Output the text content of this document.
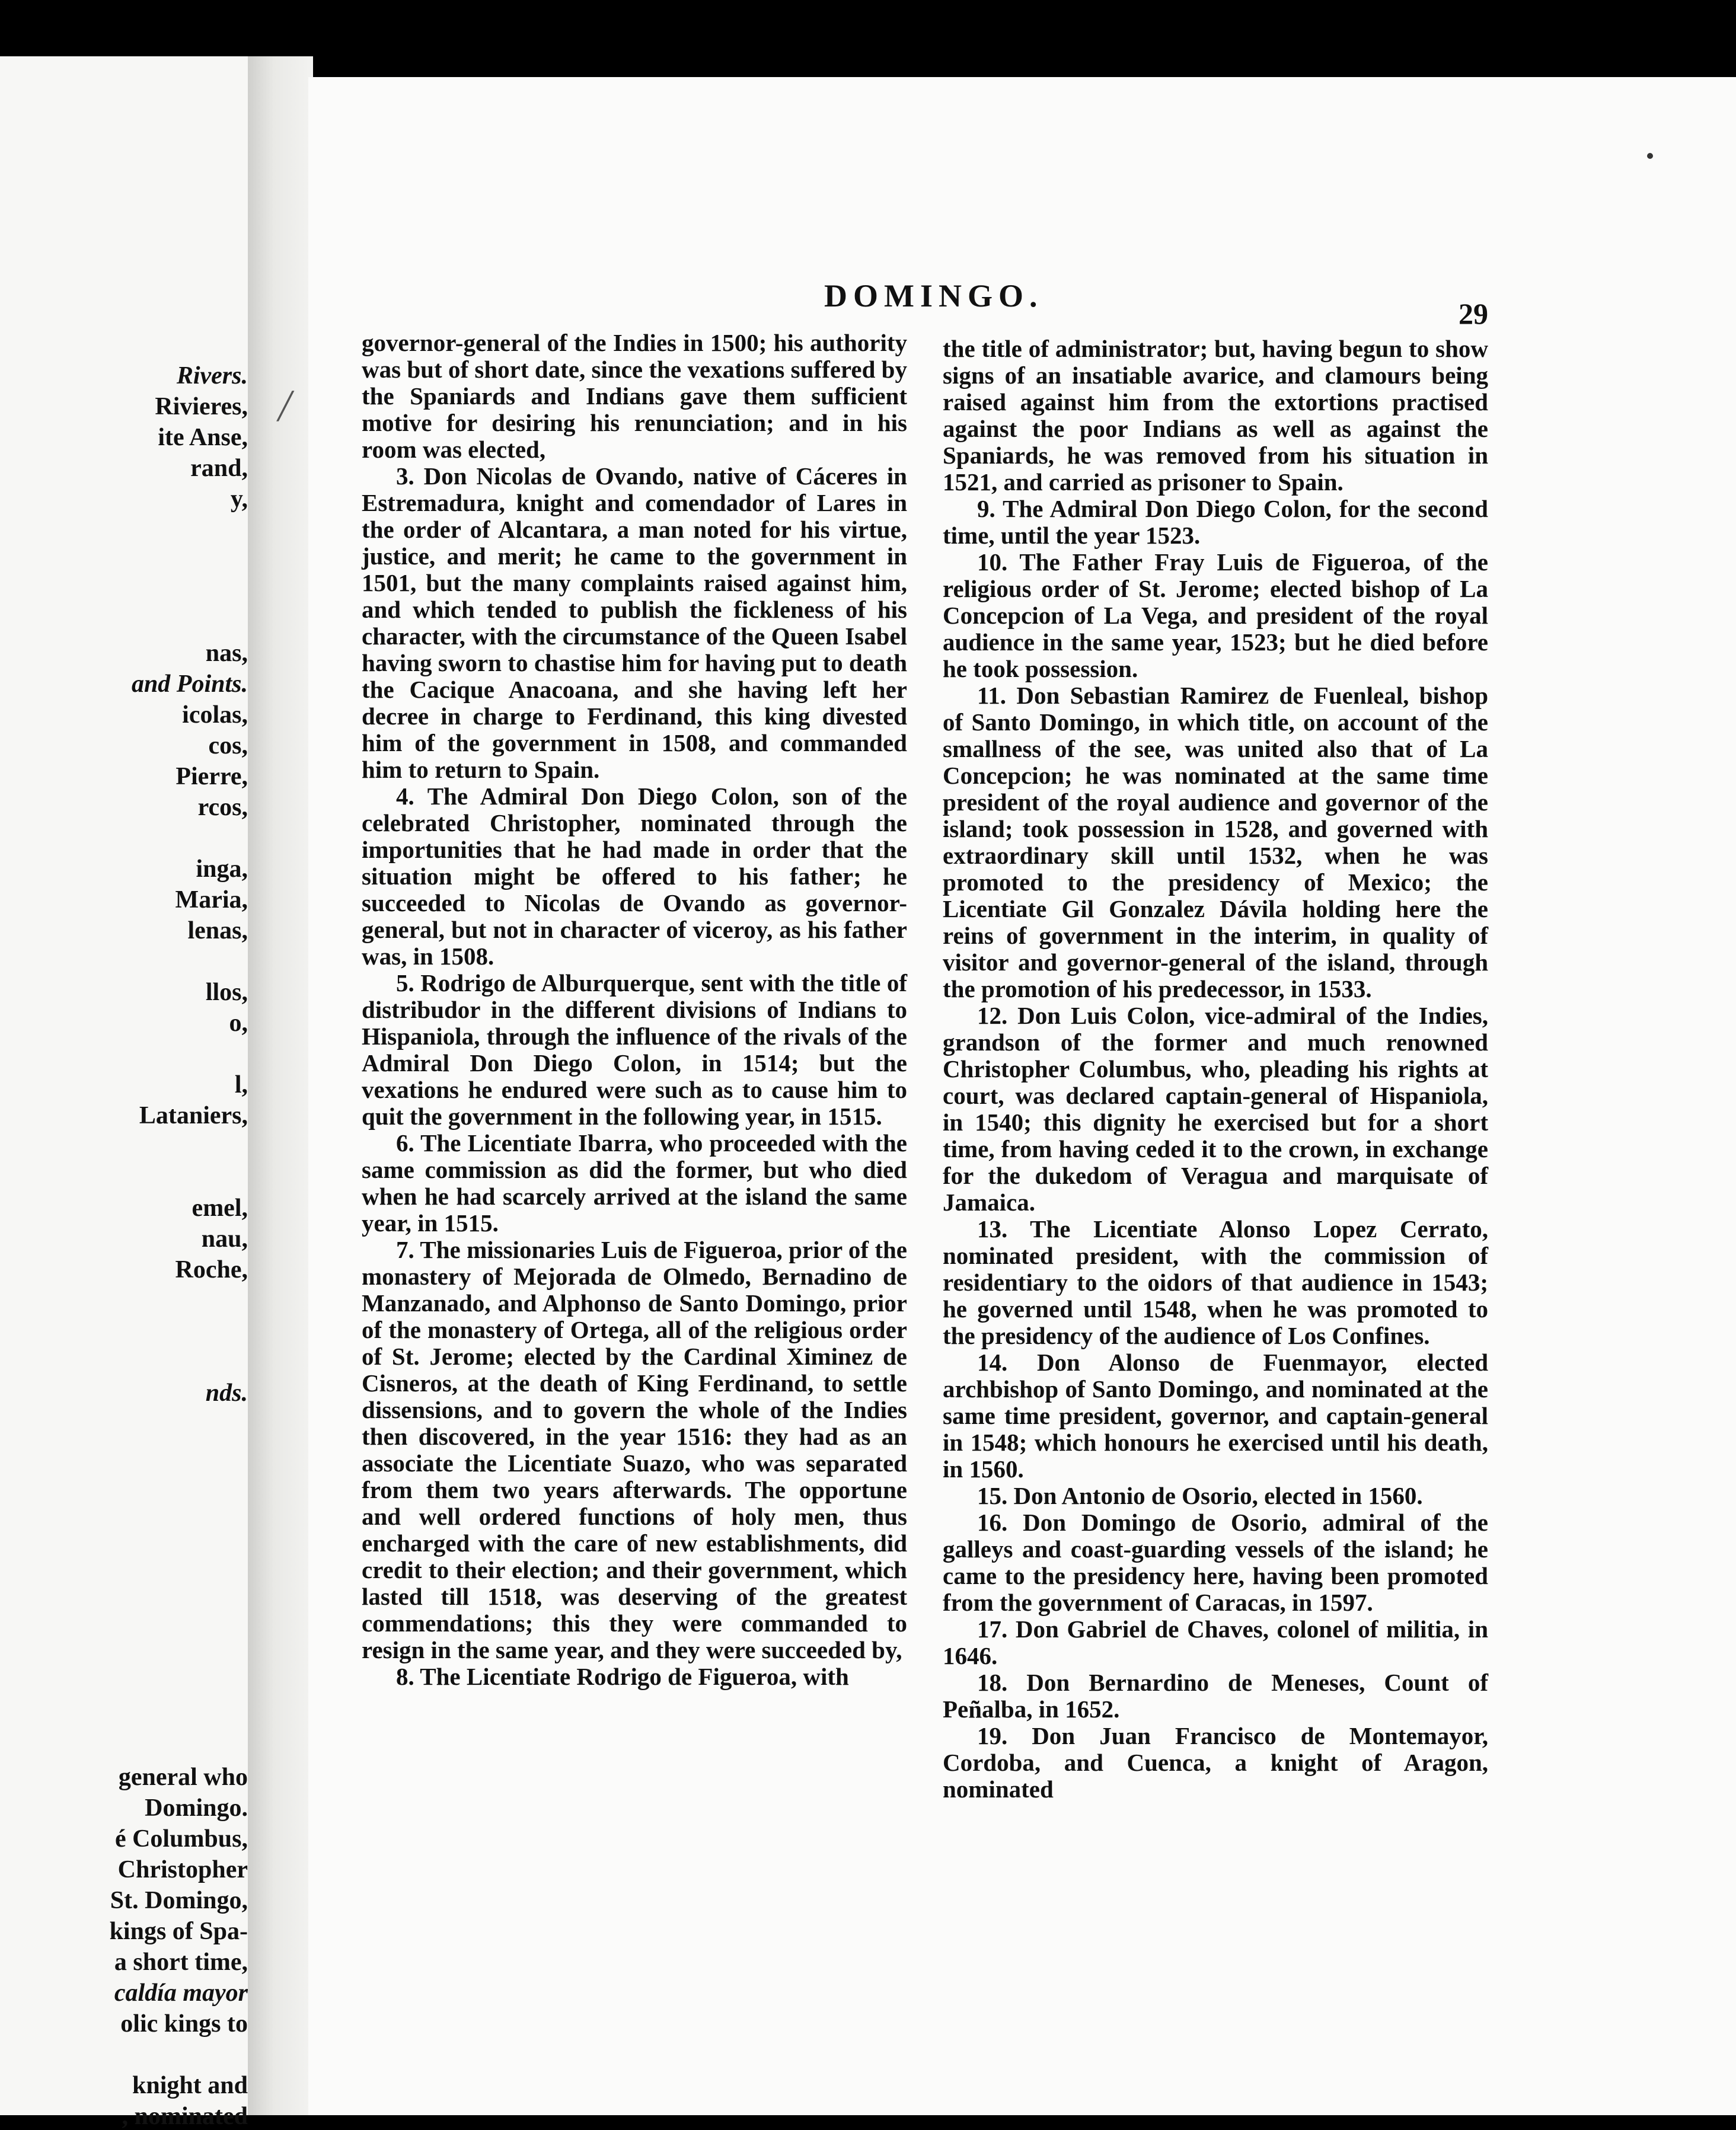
Rivers.
Rivieres,
ite Anse,
rand,
y,
nas,
and Points.
icolas,
cos,
Pierre,
rcos,
inga,
Maria,
lenas,
llos,
o,
l,
Lataniers,
emel,
nau,
Roche,
nds.
general who
Domingo.
é Columbus,
Christopher
St. Domingo,
kings of Spa-
a short time,
caldía mayor
olic kings to
knight and
, nominated
╱
DOMINGO.	29

governor-general of the Indies in 1500; his authority was but of short date, since the vexations suffered by the Spaniards and Indians gave them sufficient motive for desiring his renunciation; and in his room was elected,

3. Don Nicolas de Ovando, native of Cáceres in Estremadura, knight and comendador of Lares in the order of Alcantara, a man noted for his virtue, justice, and merit; he came to the government in 1501, but the many complaints raised against him, and which tended to publish the fickleness of his character, with the circumstance of the Queen Isabel having sworn to chastise him for having put to death the Cacique Anacoana, and she having left her decree in charge to Ferdinand, this king divested him of the government in 1508, and commanded him to return to Spain.

4. The Admiral Don Diego Colon, son of the celebrated Christopher, nominated through the importunities that he had made in order that the situation might be offered to his father; he succeeded to Nicolas de Ovando as governor-general, but not in character of viceroy, as his father was, in 1508.

5. Rodrigo de Alburquerque, sent with the title of distribudor in the different divisions of Indians to Hispaniola, through the influence of the rivals of the Admiral Don Diego Colon, in 1514; but the vexations he endured were such as to cause him to quit the government in the following year, in 1515.

6. The Licentiate Ibarra, who proceeded with the same commission as did the former, but who died when he had scarcely arrived at the island the same year, in 1515.

7. The missionaries Luis de Figueroa, prior of the monastery of Mejorada de Olmedo, Bernadino de Manzanado, and Alphonso de Santo Domingo, prior of the monastery of Ortega, all of the religious order of St. Jerome; elected by the Cardinal Ximinez de Cisneros, at the death of King Ferdinand, to settle dissensions, and to govern the whole of the Indies then discovered, in the year 1516: they had as an associate the Licentiate Suazo, who was separated from them two years afterwards. The opportune and well ordered functions of holy men, thus encharged with the care of new establishments, did credit to their election; and their government, which lasted till 1518, was deserving of the greatest commendations; this they were commanded to resign in the same year, and they were succeeded by,

8. The Licentiate Rodrigo de Figueroa, with

the title of administrator; but, having begun to show signs of an insatiable avarice, and clamours being raised against him from the extortions practised against the poor Indians as well as against the Spaniards, he was removed from his situation in 1521, and carried as prisoner to Spain.

9. The Admiral Don Diego Colon, for the second time, until the year 1523.

10. The Father Fray Luis de Figueroa, of the religious order of St. Jerome; elected bishop of La Concepcion of La Vega, and president of the royal audience in the same year, 1523; but he died before he took possession.

11. Don Sebastian Ramirez de Fuenleal, bishop of Santo Domingo, in which title, on account of the smallness of the see, was united also that of La Concepcion; he was nominated at the same time president of the royal audience and governor of the island; took possession in 1528, and governed with extraordinary skill until 1532, when he was promoted to the presidency of Mexico; the Licentiate Gil Gonzalez Dávila holding here the reins of government in the interim, in quality of visitor and governor-general of the island, through the promotion of his predecessor, in 1533.

12. Don Luis Colon, vice-admiral of the Indies, grandson of the former and much renowned Christopher Columbus, who, pleading his rights at court, was declared captain-general of Hispaniola, in 1540; this dignity he exercised but for a short time, from having ceded it to the crown, in exchange for the dukedom of Veragua and marquisate of Jamaica.

13. The Licentiate Alonso Lopez Cerrato, nominated president, with the commission of residentiary to the oidors of that audience in 1543; he governed until 1548, when he was promoted to the presidency of the audience of Los Confines.

14. Don Alonso de Fuenmayor, elected archbishop of Santo Domingo, and nominated at the same time president, governor, and captain-general in 1548; which honours he exercised until his death, in 1560.

15. Don Antonio de Osorio, elected in 1560.

16. Don Domingo de Osorio, admiral of the galleys and coast-guarding vessels of the island; he came to the presidency here, having been promoted from the government of Caracas, in 1597.

17. Don Gabriel de Chaves, colonel of militia, in 1646.

18. Don Bernardino de Meneses, Count of Peñalba, in 1652.

19. Don Juan Francisco de Montemayor, Cordoba, and Cuenca, a knight of Aragon, nominated
